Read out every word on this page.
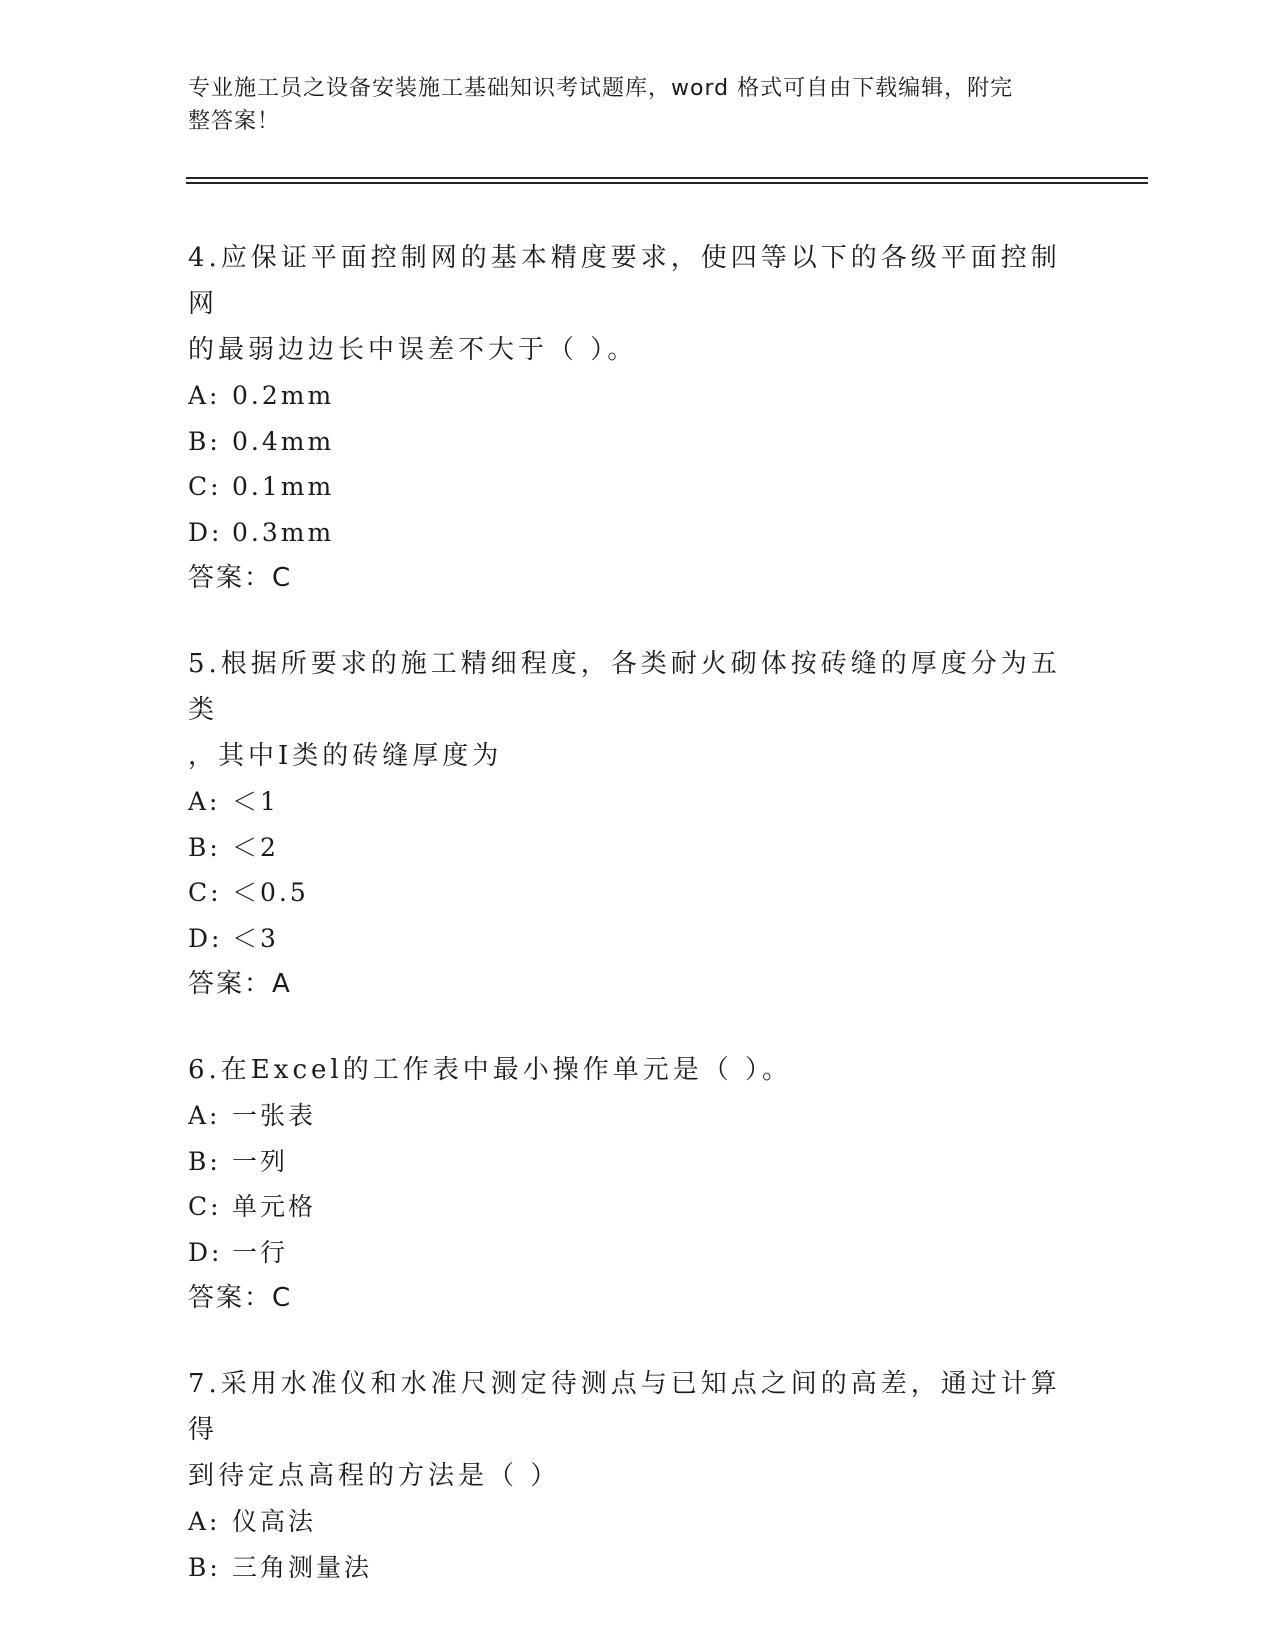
专业施工员之设备安装施工基础知识考试题库，word 格式可自由下载编辑，附完
整答案！
4.应保证平面控制网的基本精度要求，使四等以下的各级平面控制网
的最弱边边长中误差不大于（ ）。
A: 0.2mm
B: 0.4mm
C: 0.1mm
D: 0.3mm
答案：C
5.根据所要求的施工精细程度，各类耐火砌体按砖缝的厚度分为五类
，其中Ⅰ类的砖缝厚度为
A: ＜1
B: ＜2
C: ＜0.5
D: ＜3
答案：A
6.在Excel的工作表中最小操作单元是（ ）。
A: 一张表
B: 一列
C: 单元格
D: 一行
答案：C
7.采用水准仪和水准尺测定待测点与已知点之间的高差，通过计算得
到待定点高程的方法是（ ）
A: 仪高法
B: 三角测量法
